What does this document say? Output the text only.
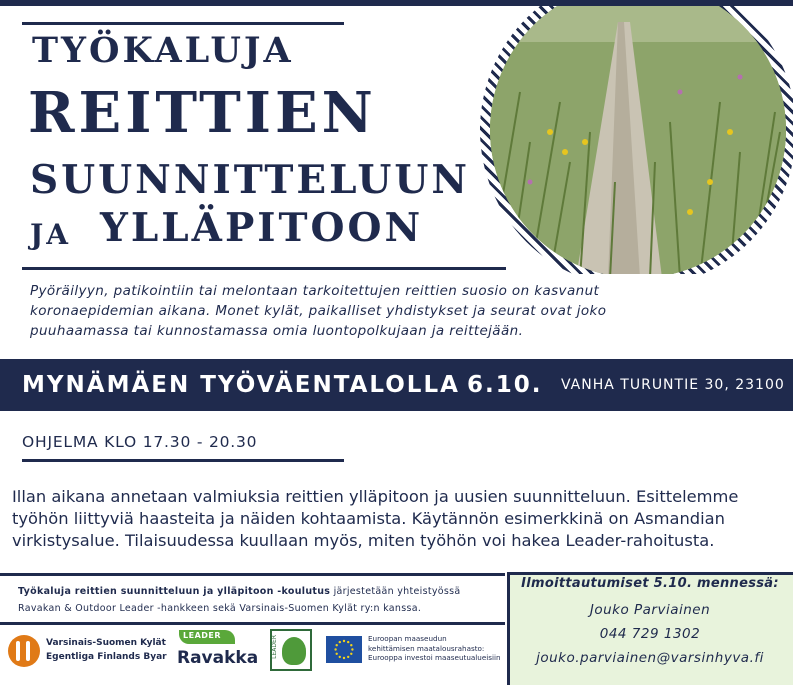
TYÖKALUJA
REITTIEN
SUUNNITTELUUN
JA YLLÄPITOON

Pyöräilyyn, patikointiin tai melontaan tarkoitettujen reittien suosio on kasvanut

koronaepidemian aikana. Monet kylät, paikalliset yhdistykset ja seurat ovat joko

puuhaamassa tai kunnostamassa omia luontopolkujaan ja reittejään.

MYNÄMÄEN TYÖVÄENTALOLLA 6.10. VANHA TURUNTIE 30, 23100
OHJELMA KLO 17.30 - 20.30

Illan aikana annetaan valmiuksia reittien ylläpitoon ja uusien suunnitteluun. Esittelemme

työhön liittyviä haasteita ja näiden kohtaamista. Käytännön esimerkkinä on Asmandian

virkistysalue. Tilaisuudessa kuullaan myös, miten työhön voi hakea Leader-rahoitusta.

Työkaluja reittien suunnitteluun ja ylläpitoon -koulutus järjestetään yhteistyössä

Ravakan & Outdoor Leader -hankkeen sekä Varsinais-Suomen Kylät ry:n kanssa.

Varsinais-Suomen Kylät
Egentliga Finlands Byar
LEADER
Ravakka LEADER	Euroopan maaseudun

kehittämisen maatalousrahasto:

Eurooppa investoi maaseutualueisiin

Ilmoittautumiset 5.10. mennessä:
Jouko Parviainen
044 729 1302
jouko.parviainen@varsinhyva.fi
